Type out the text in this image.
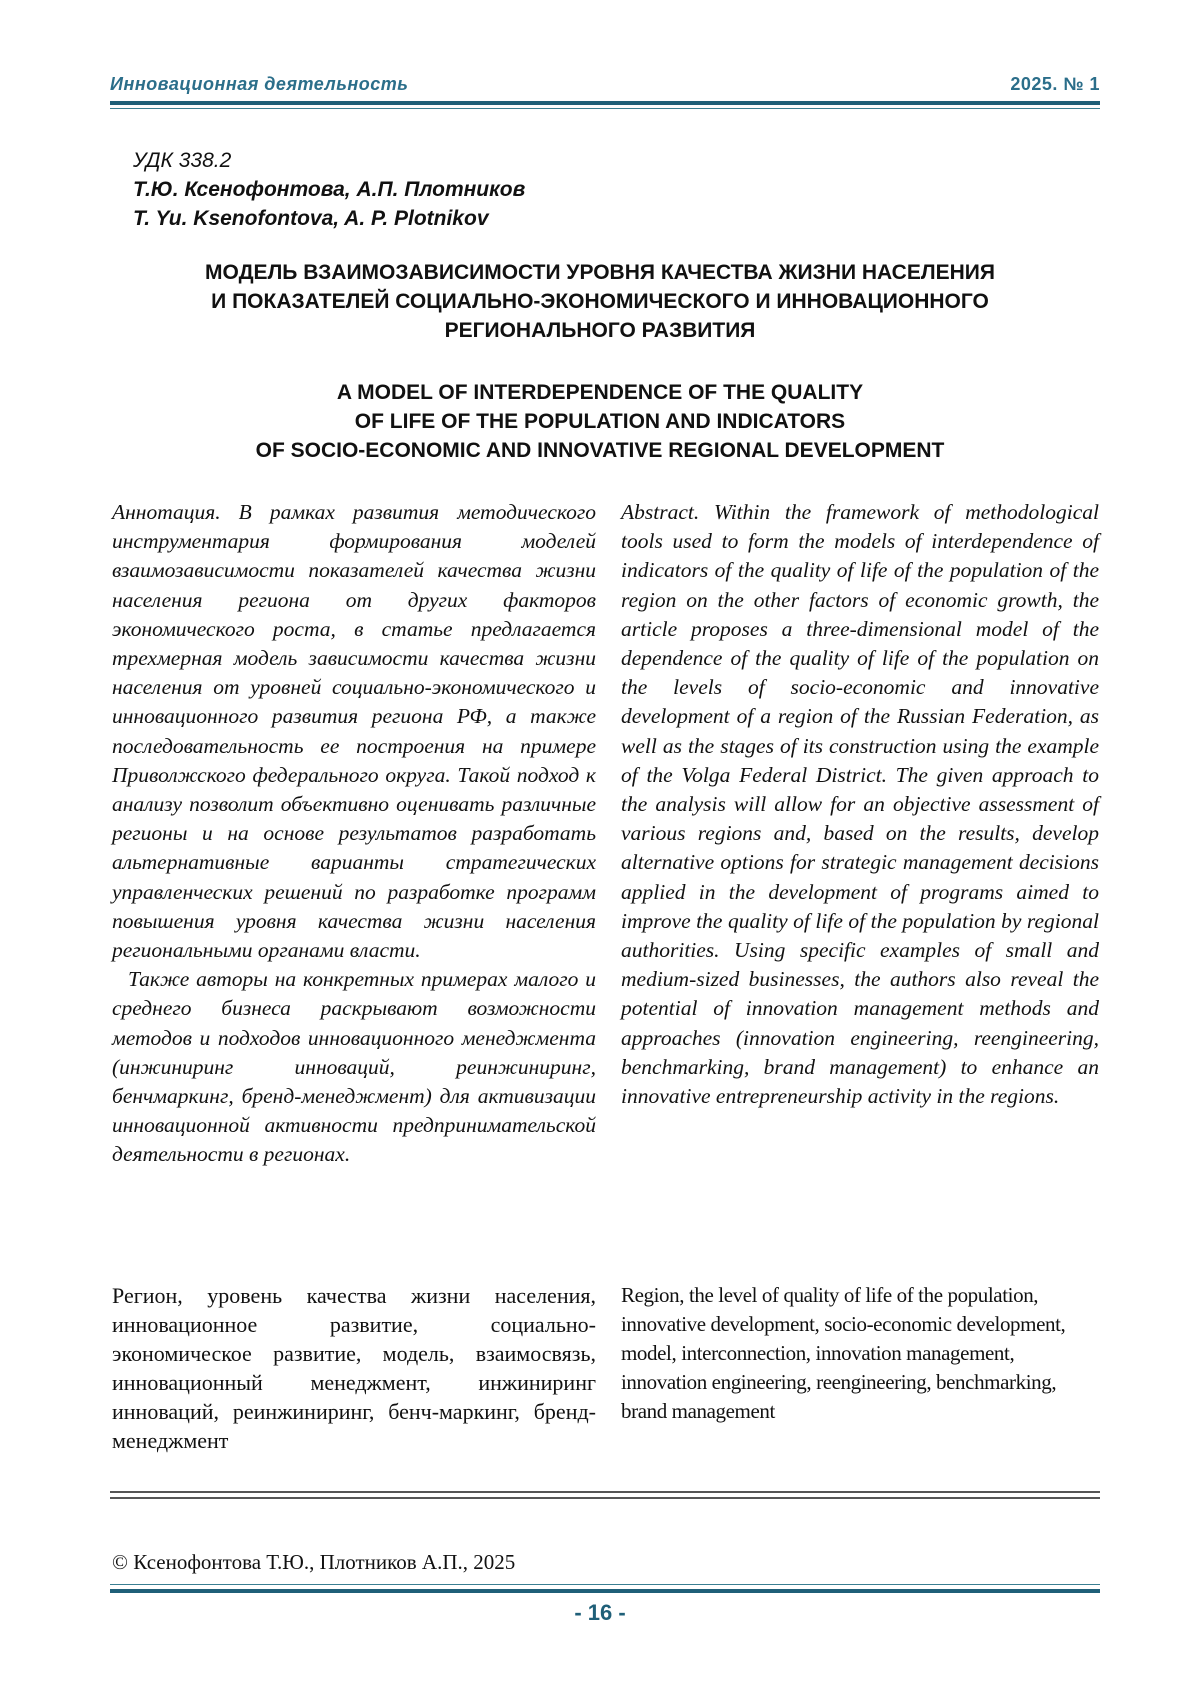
Инновационная деятельность	2025. № 1
УДК 338.2
Т.Ю. Ксенофонтова, А.П. Плотников
T. Yu. Ksenofontova, A. P. Plotnikov
МОДЕЛЬ ВЗАИМОЗАВИСИМОСТИ УРОВНЯ КАЧЕСТВА ЖИЗНИ НАСЕЛЕНИЯ
И ПОКАЗАТЕЛЕЙ СОЦИАЛЬНО-ЭКОНОМИЧЕСКОГО И ИННОВАЦИОННОГО
РЕГИОНАЛЬНОГО РАЗВИТИЯ
A MODEL OF INTERDEPENDENCE OF THE QUALITY
OF LIFE OF THE POPULATION AND INDICATORS
OF SOCIO-ECONOMIC AND INNOVATIVE REGIONAL DEVELOPMENT

Аннотация. В рамках развития методического инструментария формирования моделей взаимозависимости показателей качества жизни населения региона от других факторов экономического роста, в статье предлагается трехмерная модель зависимости качества жизни населения от уровней социально-экономического и инновационного развития региона РФ, а также последовательность ее построения на примере Приволжского федерального округа. Такой подход к анализу позволит объективно оценивать различные регионы и на основе результатов разработать альтернативные варианты стратегических управленческих решений по разработке программ повышения уровня качества жизни населения региональными органами власти.

Также авторы на конкретных примерах малого и среднего бизнеса раскрывают возможности методов и подходов инновационного менеджмента (инжиниринг инноваций, реинжиниринг, бенчмаркинг, бренд-менеджмент) для активизации инновационной активности предпринимательской деятельности в регионах.

Abstract. Within the framework of methodological tools used to form the models of interdependence of indicators of the quality of life of the population of the region on the other factors of economic growth, the article proposes a three-dimensional model of the dependence of the quality of life of the population on the levels of socio-economic and innovative development of a region of the Russian Federation, as well as the stages of its construction using the example of the Volga Federal District. The given approach to the analysis will allow for an objective assessment of various regions and, based on the results, develop alternative options for strategic management decisions applied in the development of programs aimed to improve the quality of life of the population by regional authorities. Using specific examples of small and medium-sized businesses, the authors also reveal the potential of innovation management methods and approaches (innovation engineering, reengineering, benchmarking, brand management) to enhance an innovative entrepreneurship activity in the regions.

Регион, уровень качества жизни населения, инновационное развитие, социально-экономическое развитие, модель, взаимосвязь, инновационный менеджмент, инжиниринг инноваций, реинжиниринг, бенч-маркинг, бренд-менеджмент

Region, the level of quality of life of the population, innovative development, socio-economic development, model, interconnection, innovation management, innovation engineering, reengineering, benchmarking, brand management

© Ксенофонтова Т.Ю., Плотников А.П., 2025
- 16 -
